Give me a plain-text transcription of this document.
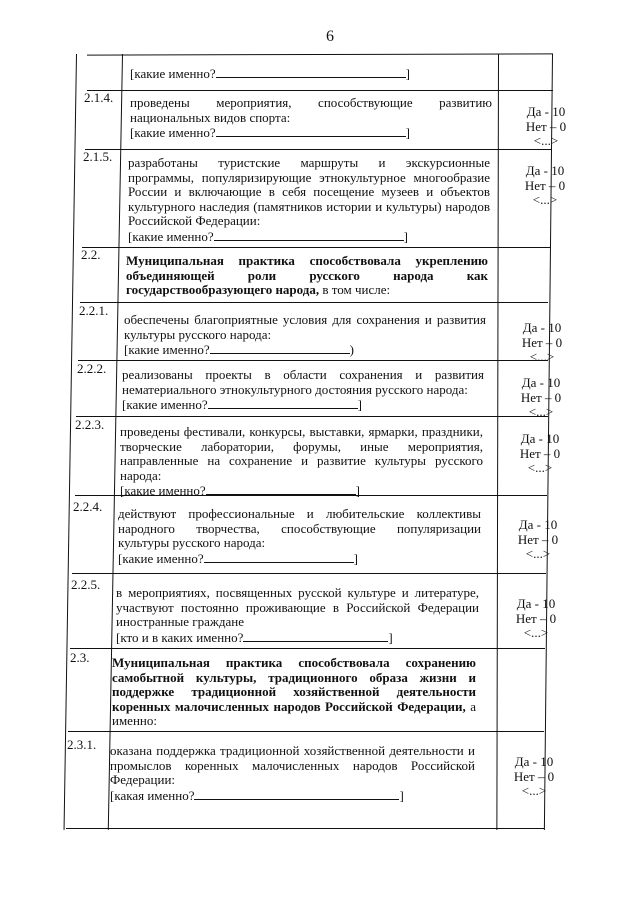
6
[какие именно?	]
2.1.4. проведены мероприятия, способствующие развитию национальных видов спорта:
[какие именно?	]
Да - 10
Нет – 0
<...>
2.1.5. разработаны туристские маршруты и экскурсионные программы, популяризирующие этнокультурное многообразие России и включающие в себя посещение музеев и объектов культурного наследия (памятников истории и культуры) народов Российской Федерации:
[какие именно?	]
Да - 10
Нет – 0
<...>
2.2. Муниципальная практика способствовала укреплению объединяющей роли русского народа как государствообразующего народа, в том числе:
2.2.1.
обеспечены благоприятные условия для сохранения и развития культуры русского народа:
[какие именно?	)
Да - 10
Нет – 0
<...>
2.2.2. реализованы проекты в области сохранения и развития нематериального этнокультурного достояния русского народа:
[какие именно?	]
Да - 10
Нет – 0
<...>
2.2.3. проведены фестивали, конкурсы, выставки, ярмарки, праздники, творческие лаборатории, форумы, иные мероприятия, направленные на сохранение и развитие культуры русского народа:
[какие именно?	]
Да - 10
Нет – 0
<...>
2.2.4. действуют профессиональные и любительские коллективы народного творчества, способствующие популяризации культуры русского народа:
[какие именно?	]
Да - 10
Нет – 0
<...>
2.2.5.
в мероприятиях, посвященных русской культуре и литературе, участвуют постоянно проживающие в Российской Федерации иностранные граждане
[кто и в каких именно?	]
Да - 10
Нет – 0
<...>
2.3. Муниципальная практика способствовала сохранению самобытной культуры, традиционного образа жизни и поддержке традиционной хозяйственной деятельности коренных малочисленных народов Российской Федерации, а именно:
2.3.1. оказана поддержка традиционной хозяйственной деятельности и промыслов коренных малочисленных народов Российской Федерации:
[какая именно?	]
Да - 10
Нет – 0
<...>
